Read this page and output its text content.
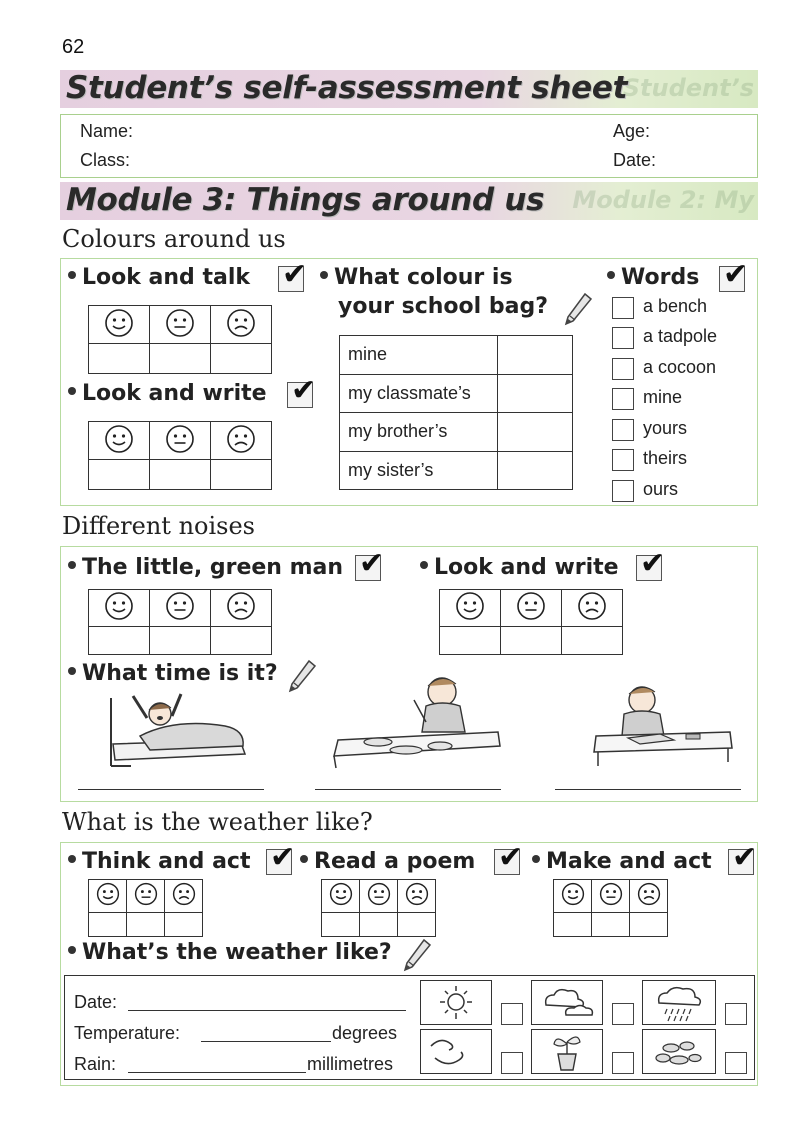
62
Student’s
Student’s self-assessment sheet
Name:
Class:
Age:
Date:
Module 2: My
Module 3: Things around us
Colours around us
Look and talk
✔

Look and write
✔

What colour is
your school bag?
mine	
my classmate’s	
my brother’s	
my sister’s	
Words
✔
a bench
a tadpole
a cocoon
mine
yours
theirs
ours
Different noises
The little, green man ✔

			Look and write
✔

What time is it?
What is the weather like?
Think and act ✔	Read a poem ✔	Make and act
✔

What’s the weather like?
Date:
Temperature:	degrees
Rain:	millimetres
